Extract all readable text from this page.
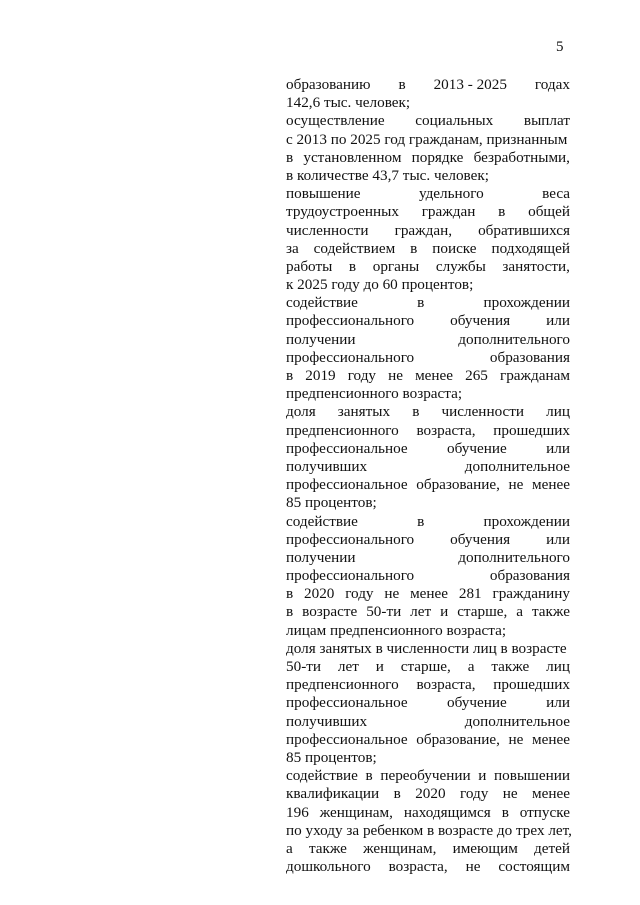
5
образованию в 2013 - 2025 годах
142,6 тыс. человек;
осуществление социальных выплат
с 2013 по 2025 год гражданам, признанным
в установленном порядке безработными,
в количестве 43,7 тыс. человек;
повышение	удельного	веса
трудоустроенных граждан в общей
численности граждан, обратившихся
за содействием в поиске подходящей
работы в органы службы занятости,
к 2025 году до 60 процентов;
содействие	в	прохождении
профессионального обучения или
получении	дополнительного
профессионального	образования
в 2019 году не менее 265 гражданам
предпенсионного возраста;
доля занятых в численности лиц
предпенсионного возраста, прошедших
профессиональное	обучение	или
получивших	дополнительное
профессиональное образование, не менее
85 процентов;
содействие	в	прохождении
профессионального обучения или
получении	дополнительного
профессионального	образования
в 2020 году не менее 281 гражданину
в возрасте 50-ти лет и старше, а также
лицам предпенсионного возраста;
доля занятых в численности лиц в возрасте
50-ти лет и старше, а также лиц
предпенсионного возраста, прошедших
профессиональное	обучение	или
получивших	дополнительное
профессиональное образование, не менее
85 процентов;
содействие в переобучении и повышении
квалификации в 2020 году не менее
196 женщинам, находящимся в отпуске
по уходу за ребенком в возрасте до трех лет,
а также женщинам, имеющим детей
дошкольного возраста, не состоящим
